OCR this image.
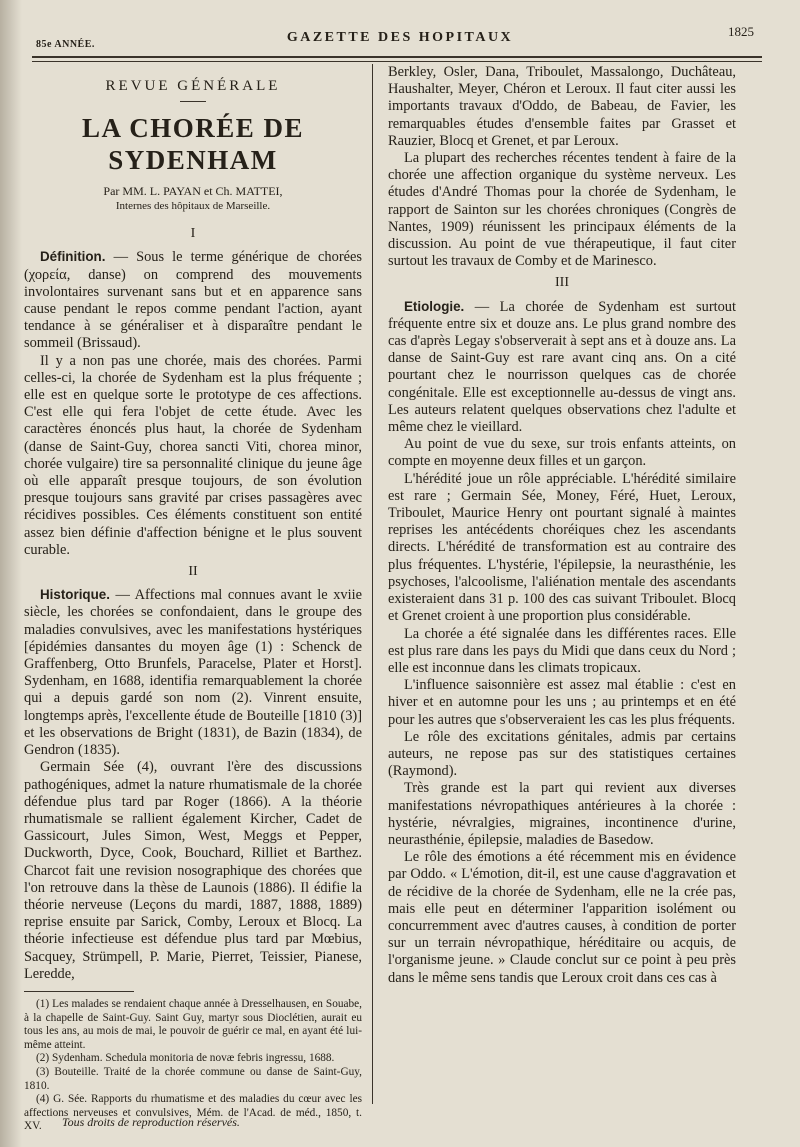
85e ANNÉE.	GAZETTE DES HOPITAUX	1825
REVUE GÉNÉRALE
LA CHORÉE DE SYDENHAM
Par MM. L. PAYAN et Ch. MATTEI,
Internes des hôpitaux de Marseille.
I

Définition. — Sous le terme générique de chorées (χορεία, danse) on comprend des mouvements involontaires survenant sans but et en apparence sans cause pendant le repos comme pendant l'action, ayant tendance à se généraliser et à disparaître pendant le sommeil (Brissaud).

Il y a non pas une chorée, mais des chorées. Parmi celles-ci, la chorée de Sydenham est la plus fréquente ; elle est en quelque sorte le prototype de ces affections. C'est elle qui fera l'objet de cette étude. Avec les caractères énoncés plus haut, la chorée de Sydenham (danse de Saint-Guy, chorea sancti Viti, chorea minor, chorée vulgaire) tire sa personnalité clinique du jeune âge où elle apparaît presque toujours, de son évolution presque toujours sans gravité par crises passagères avec récidives possibles. Ces éléments constituent son entité assez bien définie d'affection bénigne et le plus souvent curable.

II

Historique. — Affections mal connues avant le xviie siècle, les chorées se confondaient, dans le groupe des maladies convulsives, avec les manifestations hystériques [épidémies dansantes du moyen âge (1) : Schenck de Graffenberg, Otto Brunfels, Paracelse, Plater et Horst]. Sydenham, en 1688, identifia remarquablement la chorée qui a depuis gardé son nom (2). Vinrent ensuite, longtemps après, l'excellente étude de Bouteille [1810 (3)] et les observations de Bright (1831), de Bazin (1834), de Gendron (1835).

Germain Sée (4), ouvrant l'ère des discussions pathogéniques, admet la nature rhumatismale de la chorée défendue plus tard par Roger (1866). A la théorie rhumatismale se rallient également Kircher, Cadet de Gassicourt, Jules Simon, West, Meggs et Pepper, Duckworth, Dyce, Cook, Bouchard, Rilliet et Barthez. Charcot fait une revision nosographique des chorées que l'on retrouve dans la thèse de Launois (1886). Il édifie la théorie nerveuse (Leçons du mardi, 1887, 1888, 1889) reprise ensuite par Sarick, Comby, Leroux et Blocq. La théorie infectieuse est défendue plus tard par Mœbius, Sacquey, Strümpell, P. Marie, Pierret, Teissier, Pianese, Leredde,

(1) Les malades se rendaient chaque année à Dresselhausen, en Souabe, à la chapelle de Saint-Guy. Saint Guy, martyr sous Dioclétien, aurait eu tous les ans, au mois de mai, le pouvoir de guérir ce mal, en ayant été lui-même atteint.

(2) Sydenham. Schedula monitoria de novæ febris ingressu, 1688.

(3) Bouteille. Traité de la chorée commune ou danse de Saint-Guy, 1810.

(4) G. Sée. Rapports du rhumatisme et des maladies du cœur avec les affections nerveuses et convulsives, Mém. de l'Acad. de méd., 1850, t. XV.

Berkley, Osler, Dana, Triboulet, Massalongo, Duchâteau, Haushalter, Meyer, Chéron et Leroux. Il faut citer aussi les importants travaux d'Oddo, de Babeau, de Favier, les remarquables études d'ensemble faites par Grasset et Rauzier, Blocq et Grenet, et par Leroux.

La plupart des recherches récentes tendent à faire de la chorée une affection organique du système nerveux. Les études d'André Thomas pour la chorée de Sydenham, le rapport de Sainton sur les chorées chroniques (Congrès de Nantes, 1909) réunissent les principaux éléments de la discussion. Au point de vue thérapeutique, il faut citer surtout les travaux de Comby et de Marinesco.

III

Etiologie. — La chorée de Sydenham est surtout fréquente entre six et douze ans. Le plus grand nombre des cas d'après Legay s'observerait à sept ans et à douze ans. La danse de Saint-Guy est rare avant cinq ans. On a cité pourtant chez le nourrisson quelques cas de chorée congénitale. Elle est exceptionnelle au-dessus de vingt ans. Les auteurs relatent quelques observations chez l'adulte et même chez le vieillard.

Au point de vue du sexe, sur trois enfants atteints, on compte en moyenne deux filles et un garçon.

L'hérédité joue un rôle appréciable. L'hérédité similaire est rare ; Germain Sée, Money, Féré, Huet, Leroux, Triboulet, Maurice Henry ont pourtant signalé à maintes reprises les antécédents choréiques chez les ascendants directs. L'hérédité de transformation est au contraire des plus fréquentes. L'hystérie, l'épilepsie, la neurasthénie, les psychoses, l'alcoolisme, l'aliénation mentale des ascendants existeraient dans 31 p. 100 des cas suivant Triboulet. Blocq et Grenet croient à une proportion plus considérable.

La chorée a été signalée dans les différentes races. Elle est plus rare dans les pays du Midi que dans ceux du Nord ; elle est inconnue dans les climats tropicaux.

L'influence saisonnière est assez mal établie : c'est en hiver et en automne pour les uns ; au printemps et en été pour les autres que s'observeraient les cas les plus fréquents.

Le rôle des excitations génitales, admis par certains auteurs, ne repose pas sur des statistiques certaines (Raymond).

Très grande est la part qui revient aux diverses manifestations névropathiques antérieures à la chorée : hystérie, névralgies, migraines, incontinence d'urine, neurasthénie, épilepsie, maladies de Basedow.

Le rôle des émotions a été récemment mis en évidence par Oddo. « L'émotion, dit-il, est une cause d'aggravation et de récidive de la chorée de Sydenham, elle ne la crée pas, mais elle peut en déterminer l'apparition isolément ou concurremment avec d'autres causes, à condition de porter sur un terrain névropathique, héréditaire ou acquis, de l'organisme jeune. » Claude conclut sur ce point à peu près dans le même sens tandis que Leroux croit dans ces cas à

Tous droits de reproduction réservés.
